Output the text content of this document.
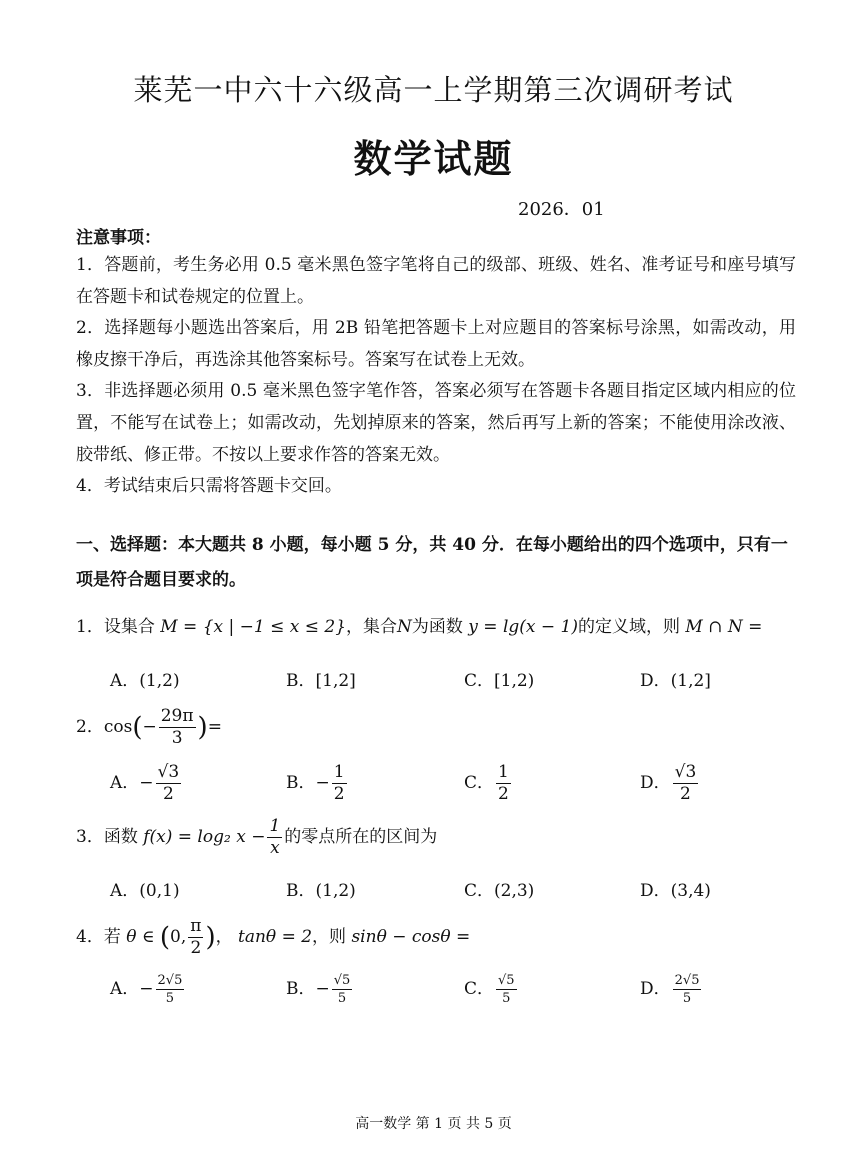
莱芜一中六十六级高一上学期第三次调研考试
数学试题
2026．01
注意事项：

1．答题前，考生务必用 0.5 毫米黑色签字笔将自己的级部、班级、姓名、准考证号和座号填写在答题卡和试卷规定的位置上。

2．选择题每小题选出答案后，用 2B 铅笔把答题卡上对应题目的答案标号涂黑，如需改动，用橡皮擦干净后，再选涂其他答案标号。答案写在试卷上无效。

3．非选择题必须用 0.5 毫米黑色签字笔作答，答案必须写在答题卡各题目指定区域内相应的位置，不能写在试卷上；如需改动，先划掉原来的答案，然后再写上新的答案；不能使用涂改液、胶带纸、修正带。不按以上要求作答的答案无效。

4．考试结束后只需将答题卡交回。

一、选择题：本大题共 8 小题，每小题 5 分，共 40 分．在每小题给出的四个选项中，只有一项是符合题目要求的。
1．设集合 M = {x | −1 ≤ x ≤ 2}，集合N为函数 y = lg(x − 1)的定义域，则 M ∩ N =
A．(1,2)	B．[1,2]	C．[1,2)	D．(1,2]
2．$\cos(- \frac{29\pi}{3}$ )=
A．− $\frac{√3}{2}$	B．− $\frac{1}{2}$	C． $\frac{1}{2}$	D． $\frac{√3}{2}$
3．函数 f(x) = log₂ $x - \frac{1}{x}$ 的零点所在的区间为
A．(0,1)	B．(1,2)	C．(2,3)	D．(3,4)
4．若 θ ∈ (0, $\frac{\pi}{2}$ )， tanθ = 2，则 sinθ − cosθ =
A．− $\frac{2√5}{5}$	B．− $\frac{√5}{5}$	C． $\frac{√5}{5}$	D． $\frac{2√5}{5}$
高一数学 第 1 页 共 5 页
